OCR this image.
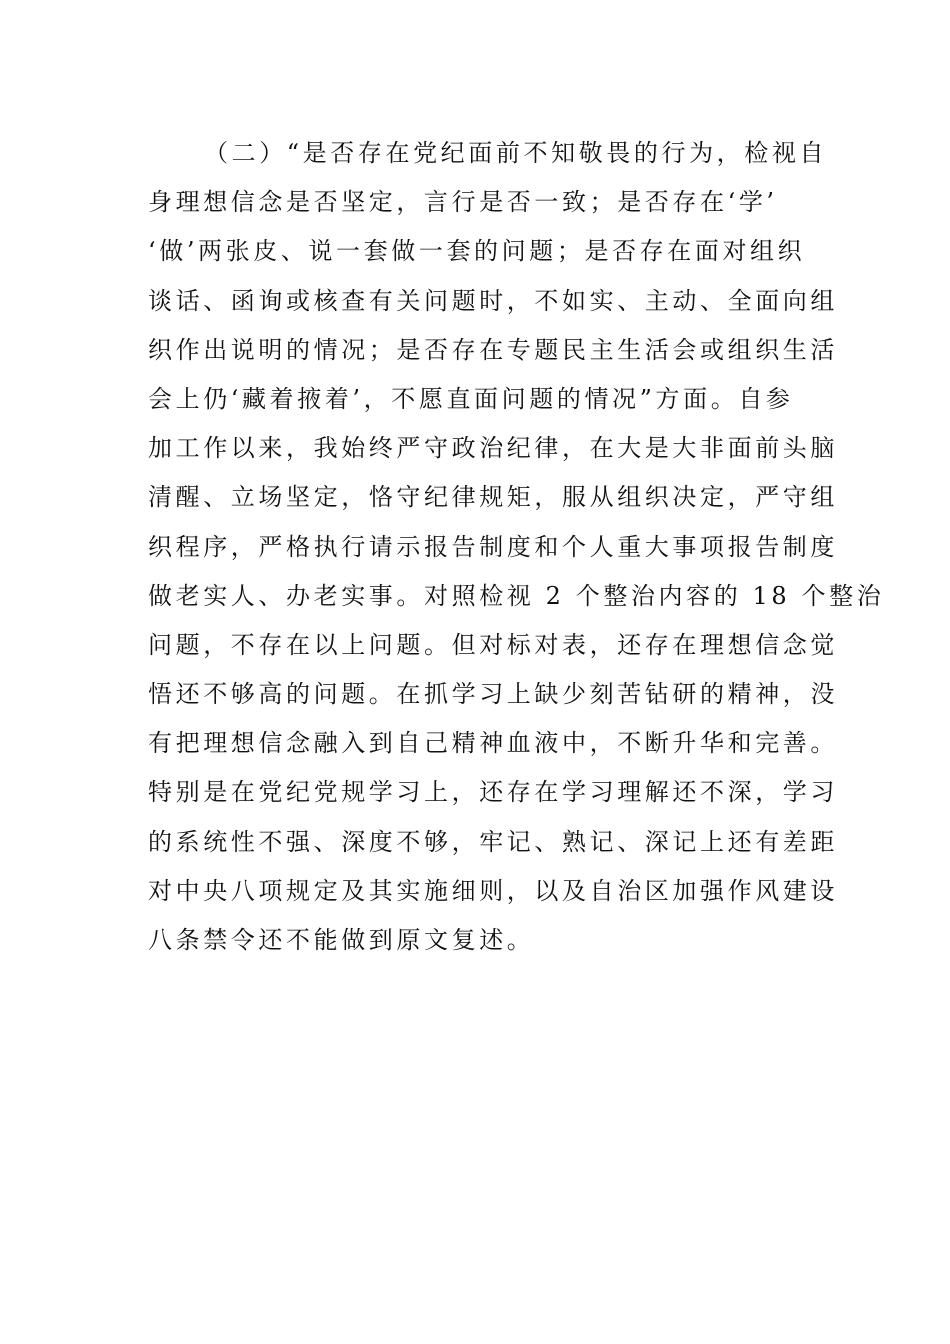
（二）“是否存在党纪面前不知敬畏的行为，检视自
身理想信念是否坚定，言行是否一致；是否存在‘学’
‘做’两张皮、说一套做一套的问题；是否存在面对组织
谈话、函询或核查有关问题时，不如实、主动、全面向组
织作出说明的情况；是否存在专题民主生活会或组织生活
会上仍‘藏着掖着’，不愿直面问题的情况”方面。自参
加工作以来，我始终严守政治纪律，在大是大非面前头脑
清醒、立场坚定，恪守纪律规矩，服从组织决定，严守组
织程序，严格执行请示报告制度和个人重大事项报告制度
做老实人、办老实事。对照检视 2 个整治内容的 18 个整治
问题，不存在以上问题。但对标对表，还存在理想信念觉
悟还不够高的问题。在抓学习上缺少刻苦钻研的精神，没
有把理想信念融入到自己精神血液中，不断升华和完善。
特别是在党纪党规学习上，还存在学习理解还不深，学习
的系统性不强、深度不够，牢记、熟记、深记上还有差距
对中央八项规定及其实施细则，以及自治区加强作风建设
八条禁令还不能做到原文复述。
